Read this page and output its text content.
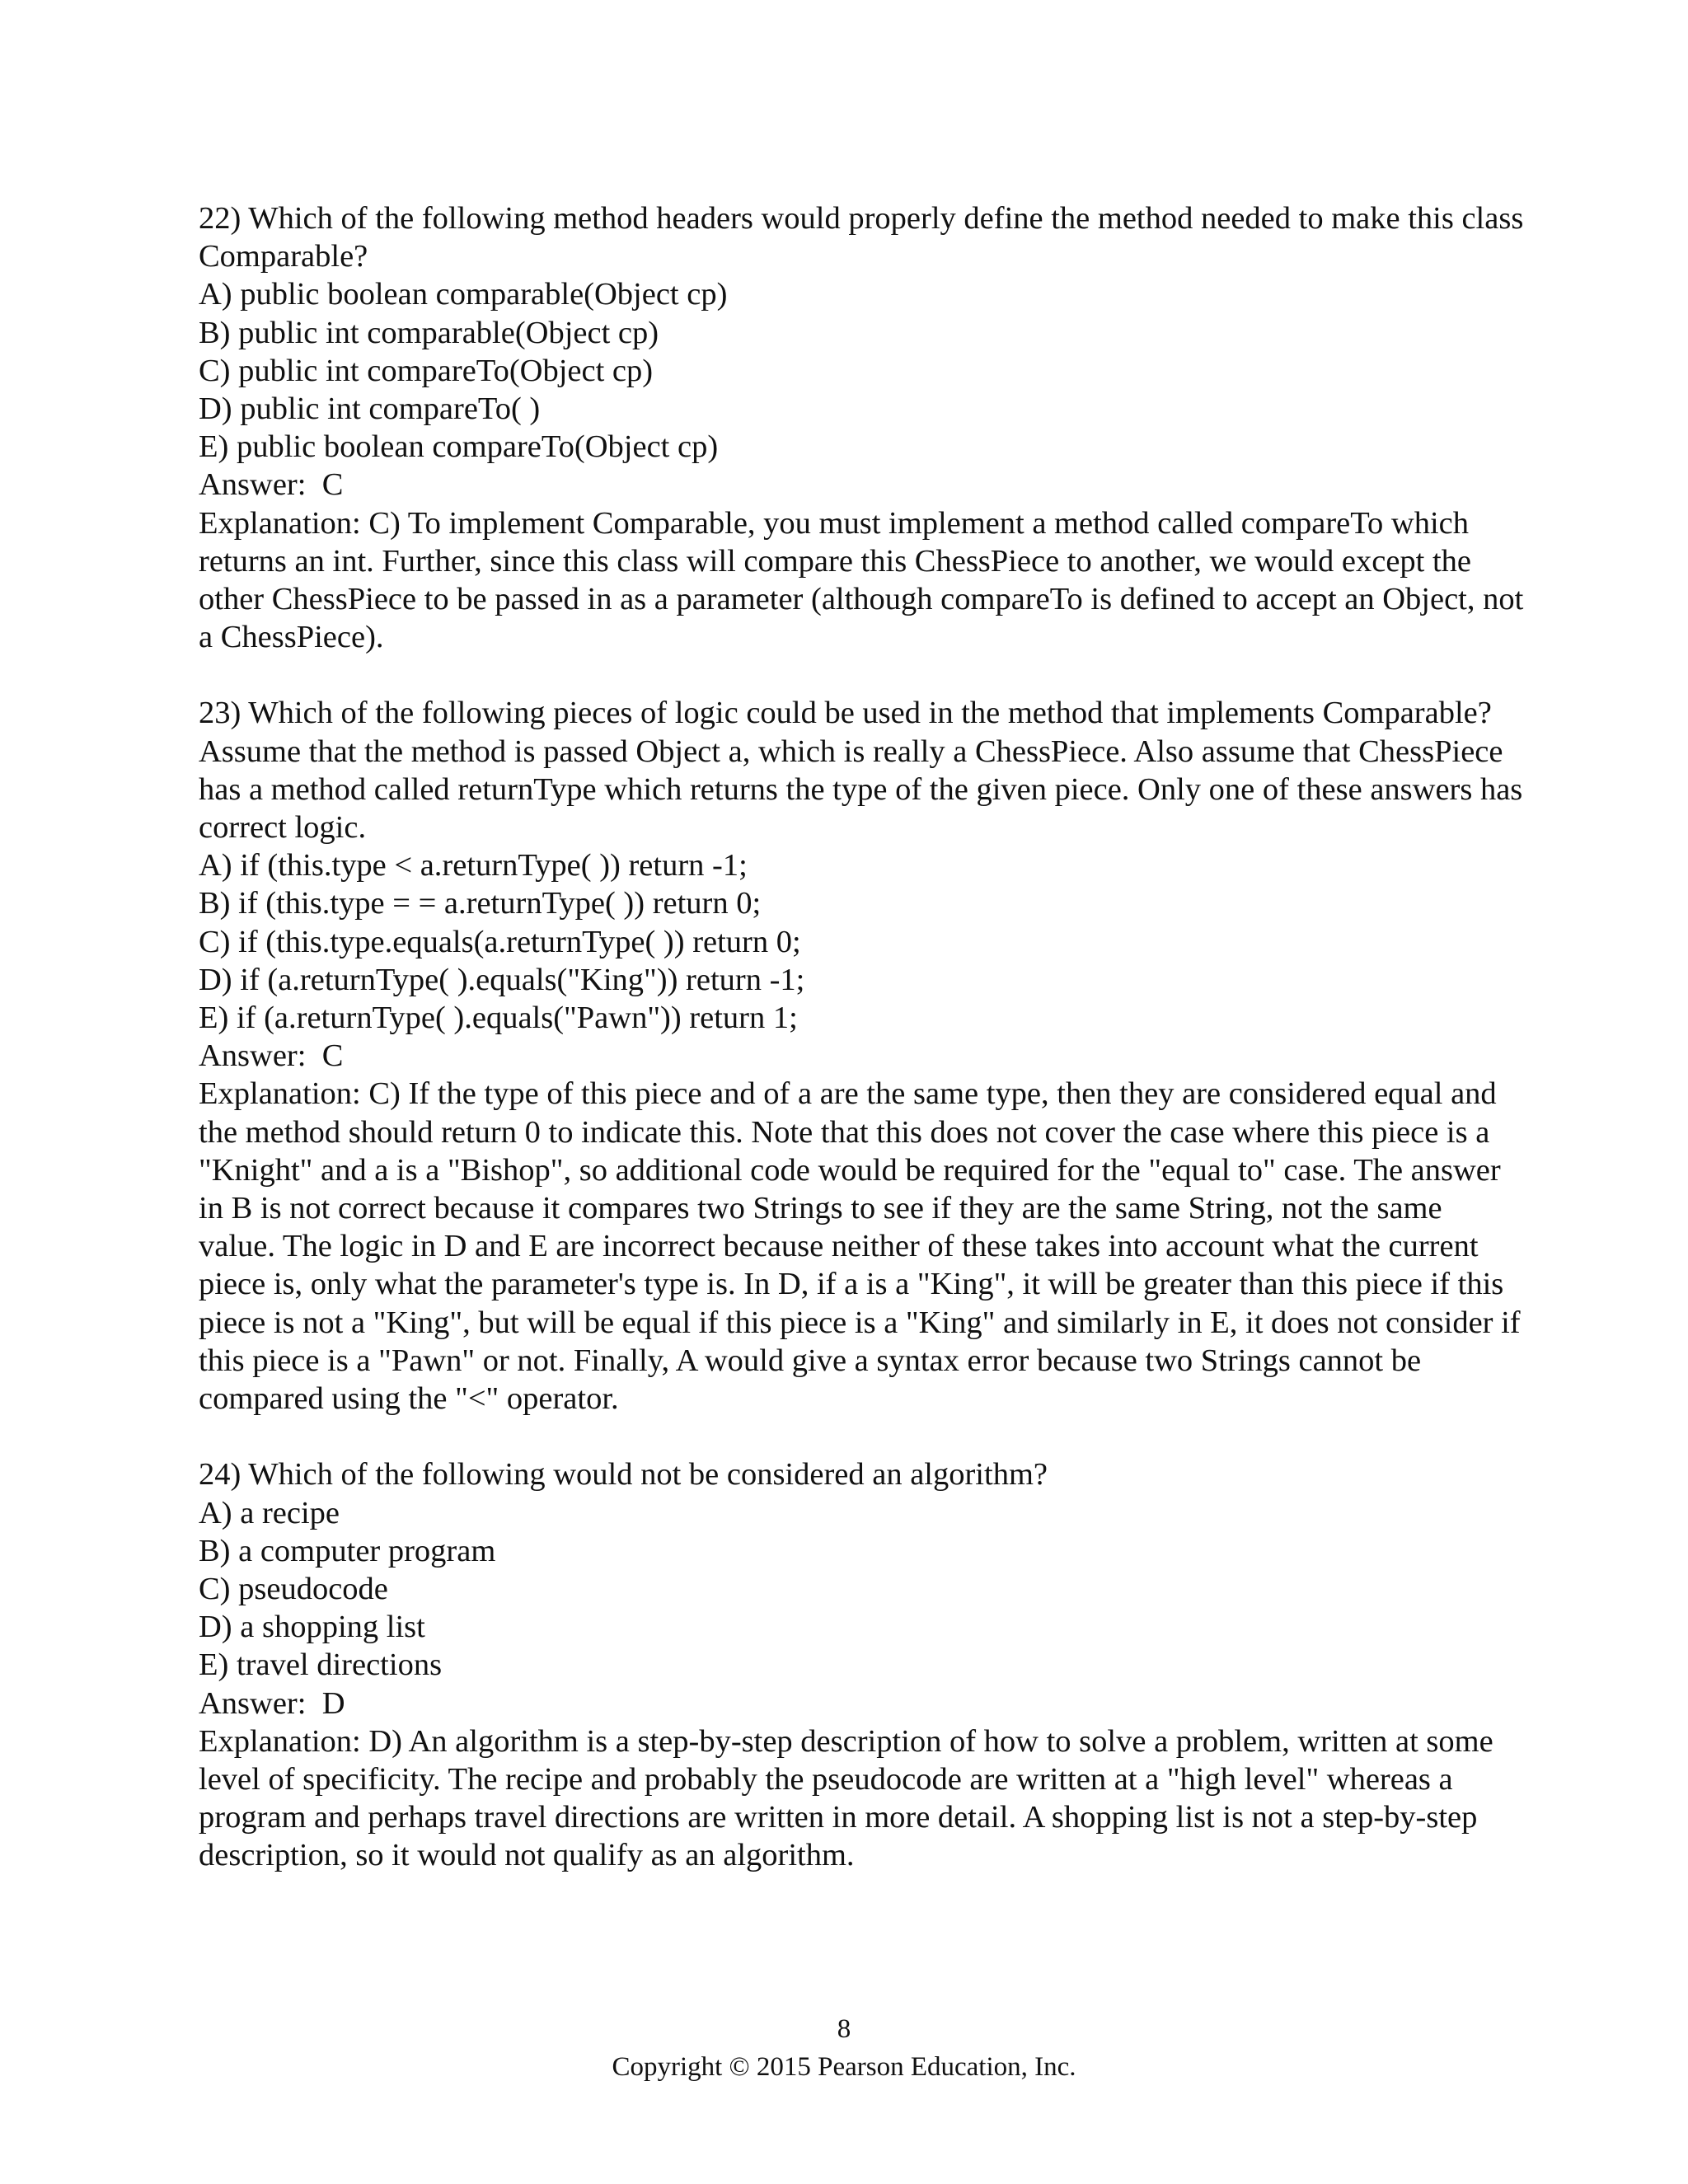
22) Which of the following method headers would properly define the method needed to make this class Comparable?
A) public boolean comparable(Object cp)
B) public int comparable(Object cp)
C) public int compareTo(Object cp)
D) public int compareTo( )
E) public boolean compareTo(Object cp)
Answer:  C
Explanation: C) To implement Comparable, you must implement a method called compareTo which returns an int. Further, since this class will compare this ChessPiece to another, we would except the other ChessPiece to be passed in as a parameter (although compareTo is defined to accept an Object, not a ChessPiece).
23) Which of the following pieces of logic could be used in the method that implements Comparable? Assume that the method is passed Object a, which is really a ChessPiece. Also assume that ChessPiece has a method called returnType which returns the type of the given piece. Only one of these answers has correct logic.
A) if (this.type < a.returnType( )) return -1;
B) if (this.type = = a.returnType( )) return 0;
C) if (this.type.equals(a.returnType( )) return 0;
D) if (a.returnType( ).equals("King")) return -1;
E) if (a.returnType( ).equals("Pawn")) return 1;
Answer:  C
Explanation: C) If the type of this piece and of a are the same type, then they are considered equal and the method should return 0 to indicate this. Note that this does not cover the case where this piece is a "Knight" and a is a "Bishop", so additional code would be required for the "equal to" case. The answer in B is not correct because it compares two Strings to see if they are the same String, not the same value. The logic in D and E are incorrect because neither of these takes into account what the current piece is, only what the parameter's type is. In D, if a is a "King", it will be greater than this piece if this piece is not a "King", but will be equal if this piece is a "King" and similarly in E, it does not consider if this piece is a "Pawn" or not. Finally, A would give a syntax error because two Strings cannot be compared using the "<" operator.
24) Which of the following would not be considered an algorithm?
A) a recipe
B) a computer program
C) pseudocode
D) a shopping list
E) travel directions
Answer:  D
Explanation: D) An algorithm is a step-by-step description of how to solve a problem, written at some level of specificity. The recipe and probably the pseudocode are written at a "high level" whereas a program and perhaps travel directions are written in more detail. A shopping list is not a step-by-step description, so it would not qualify as an algorithm.
8
Copyright © 2015 Pearson Education, Inc.
